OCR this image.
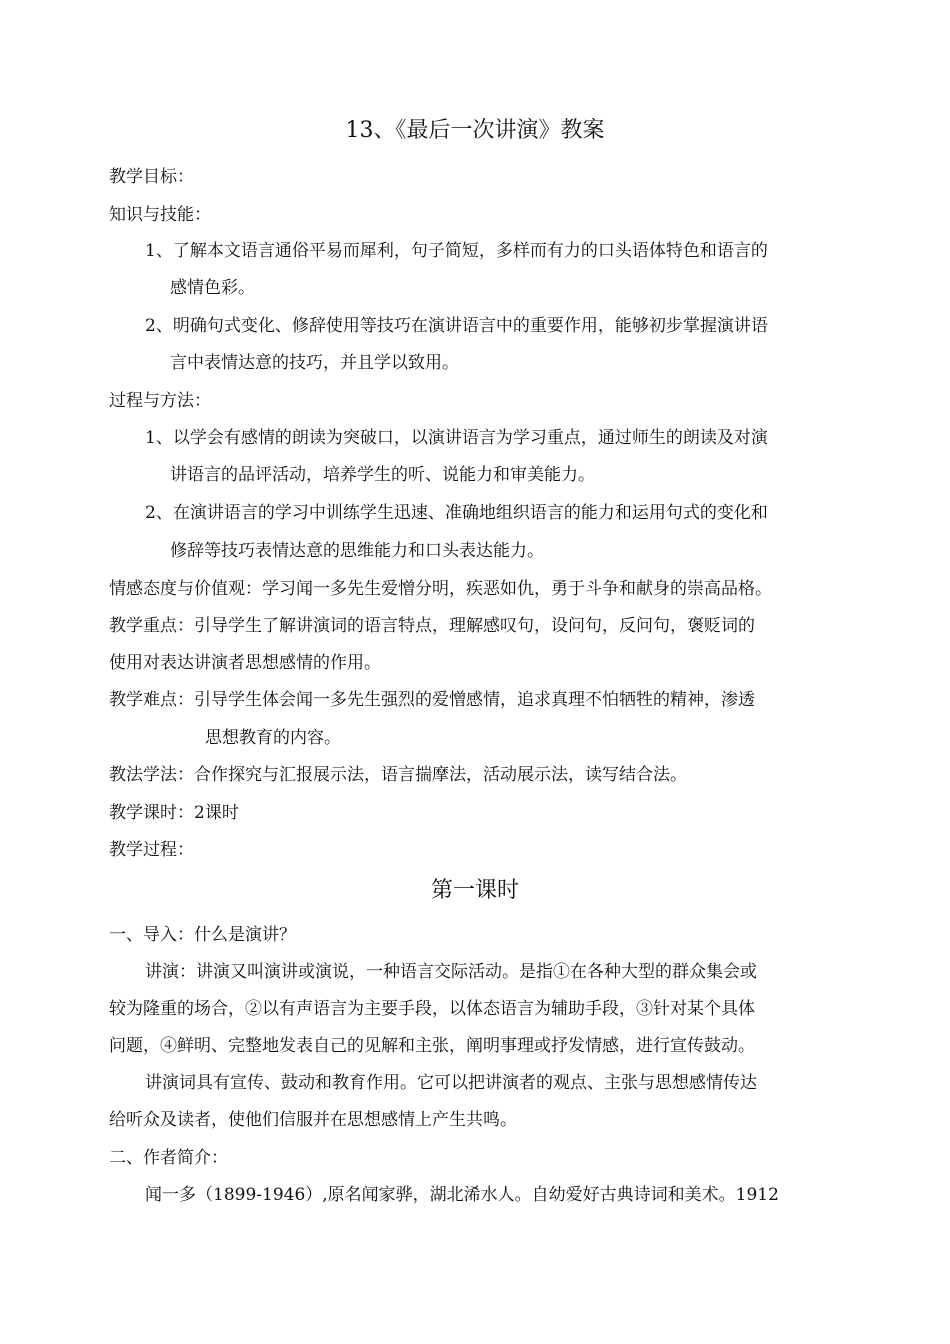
13、《最后一次讲演》教案
教学目标：
知识与技能：
1、了解本文语言通俗平易而犀利，句子简短，多样而有力的口头语体特色和语言的
感情色彩。
2、明确句式变化、修辞使用等技巧在演讲语言中的重要作用，能够初步掌握演讲语
言中表情达意的技巧，并且学以致用。
过程与方法：
1、以学会有感情的朗读为突破口，以演讲语言为学习重点，通过师生的朗读及对演
讲语言的品评活动，培养学生的听、说能力和审美能力。
2、在演讲语言的学习中训练学生迅速、准确地组织语言的能力和运用句式的变化和
修辞等技巧表情达意的思维能力和口头表达能力。
情感态度与价值观：学习闻一多先生爱憎分明，疾恶如仇，勇于斗争和献身的崇高品格。
教学重点：引导学生了解讲演词的语言特点，理解感叹句，设问句，反问句，褒贬词的
使用对表达讲演者思想感情的作用。
教学难点：引导学生体会闻一多先生强烈的爱憎感情，追求真理不怕牺牲的精神，渗透
思想教育的内容。
教法学法：合作探究与汇报展示法，语言揣摩法，活动展示法，读写结合法。
教学课时：2课时
教学过程：
第一课时
一、导入：什么是演讲？
讲演：讲演又叫演讲或演说，一种语言交际活动。是指①在各种大型的群众集会或
较为隆重的场合，②以有声语言为主要手段，以体态语言为辅助手段，③针对某个具体
问题，④鲜明、完整地发表自己的见解和主张，阐明事理或抒发情感，进行宣传鼓动。
讲演词具有宣传、鼓动和教育作用。它可以把讲演者的观点、主张与思想感情传达
给听众及读者，使他们信服并在思想感情上产生共鸣。
二、作者简介：
闻一多（1899-1946）,原名闻家骅，湖北浠水人。自幼爱好古典诗词和美术。1912
